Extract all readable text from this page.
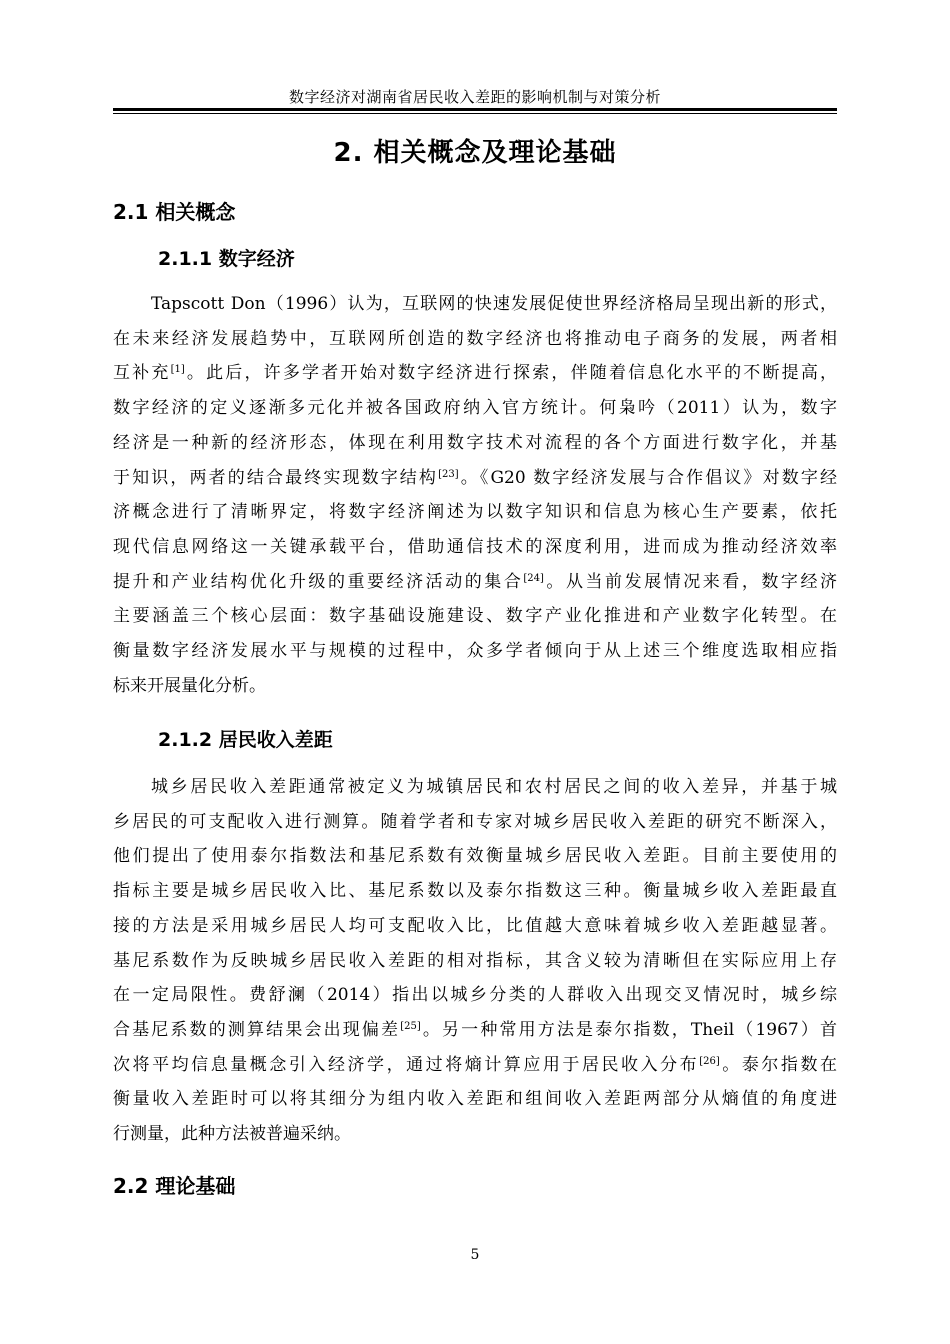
数字经济对湖南省居民收入差距的影响机制与对策分析
2. 相关概念及理论基础
2.1 相关概念
2.1.1 数字经济
Tapscott Don（1996）认为，互联网的快速发展促使世界经济格局呈现出新的形式，
在未来经济发展趋势中，互联网所创造的数字经济也将推动电子商务的发展，两者相
互补充[1]。此后，许多学者开始对数字经济进行探索，伴随着信息化水平的不断提高，
数字经济的定义逐渐多元化并被各国政府纳入官方统计。何枭吟（2011）认为，数字
经济是一种新的经济形态，体现在利用数字技术对流程的各个方面进行数字化，并基
于知识，两者的结合最终实现数字结构[23]。《G20 数字经济发展与合作倡议》对数字经
济概念进行了清晰界定，将数字经济阐述为以数字知识和信息为核心生产要素，依托
现代信息网络这一关键承载平台，借助通信技术的深度利用，进而成为推动经济效率
提升和产业结构优化升级的重要经济活动的集合[24]。从当前发展情况来看，数字经济
主要涵盖三个核心层面：数字基础设施建设、数字产业化推进和产业数字化转型。在
衡量数字经济发展水平与规模的过程中，众多学者倾向于从上述三个维度选取相应指
标来开展量化分析。
2.1.2 居民收入差距
城乡居民收入差距通常被定义为城镇居民和农村居民之间的收入差异，并基于城
乡居民的可支配收入进行测算。随着学者和专家对城乡居民收入差距的研究不断深入，
他们提出了使用泰尔指数法和基尼系数有效衡量城乡居民收入差距。目前主要使用的
指标主要是城乡居民收入比、基尼系数以及泰尔指数这三种。衡量城乡收入差距最直
接的方法是采用城乡居民人均可支配收入比，比值越大意味着城乡收入差距越显著。
基尼系数作为反映城乡居民收入差距的相对指标，其含义较为清晰但在实际应用上存
在一定局限性。费舒澜（2014）指出以城乡分类的人群收入出现交叉情况时，城乡综
合基尼系数的测算结果会出现偏差[25]。另一种常用方法是泰尔指数，Theil（1967）首
次将平均信息量概念引入经济学，通过将熵计算应用于居民收入分布[26]。泰尔指数在
衡量收入差距时可以将其细分为组内收入差距和组间收入差距两部分从熵值的角度进
行测量，此种方法被普遍采纳。
2.2 理论基础
5
